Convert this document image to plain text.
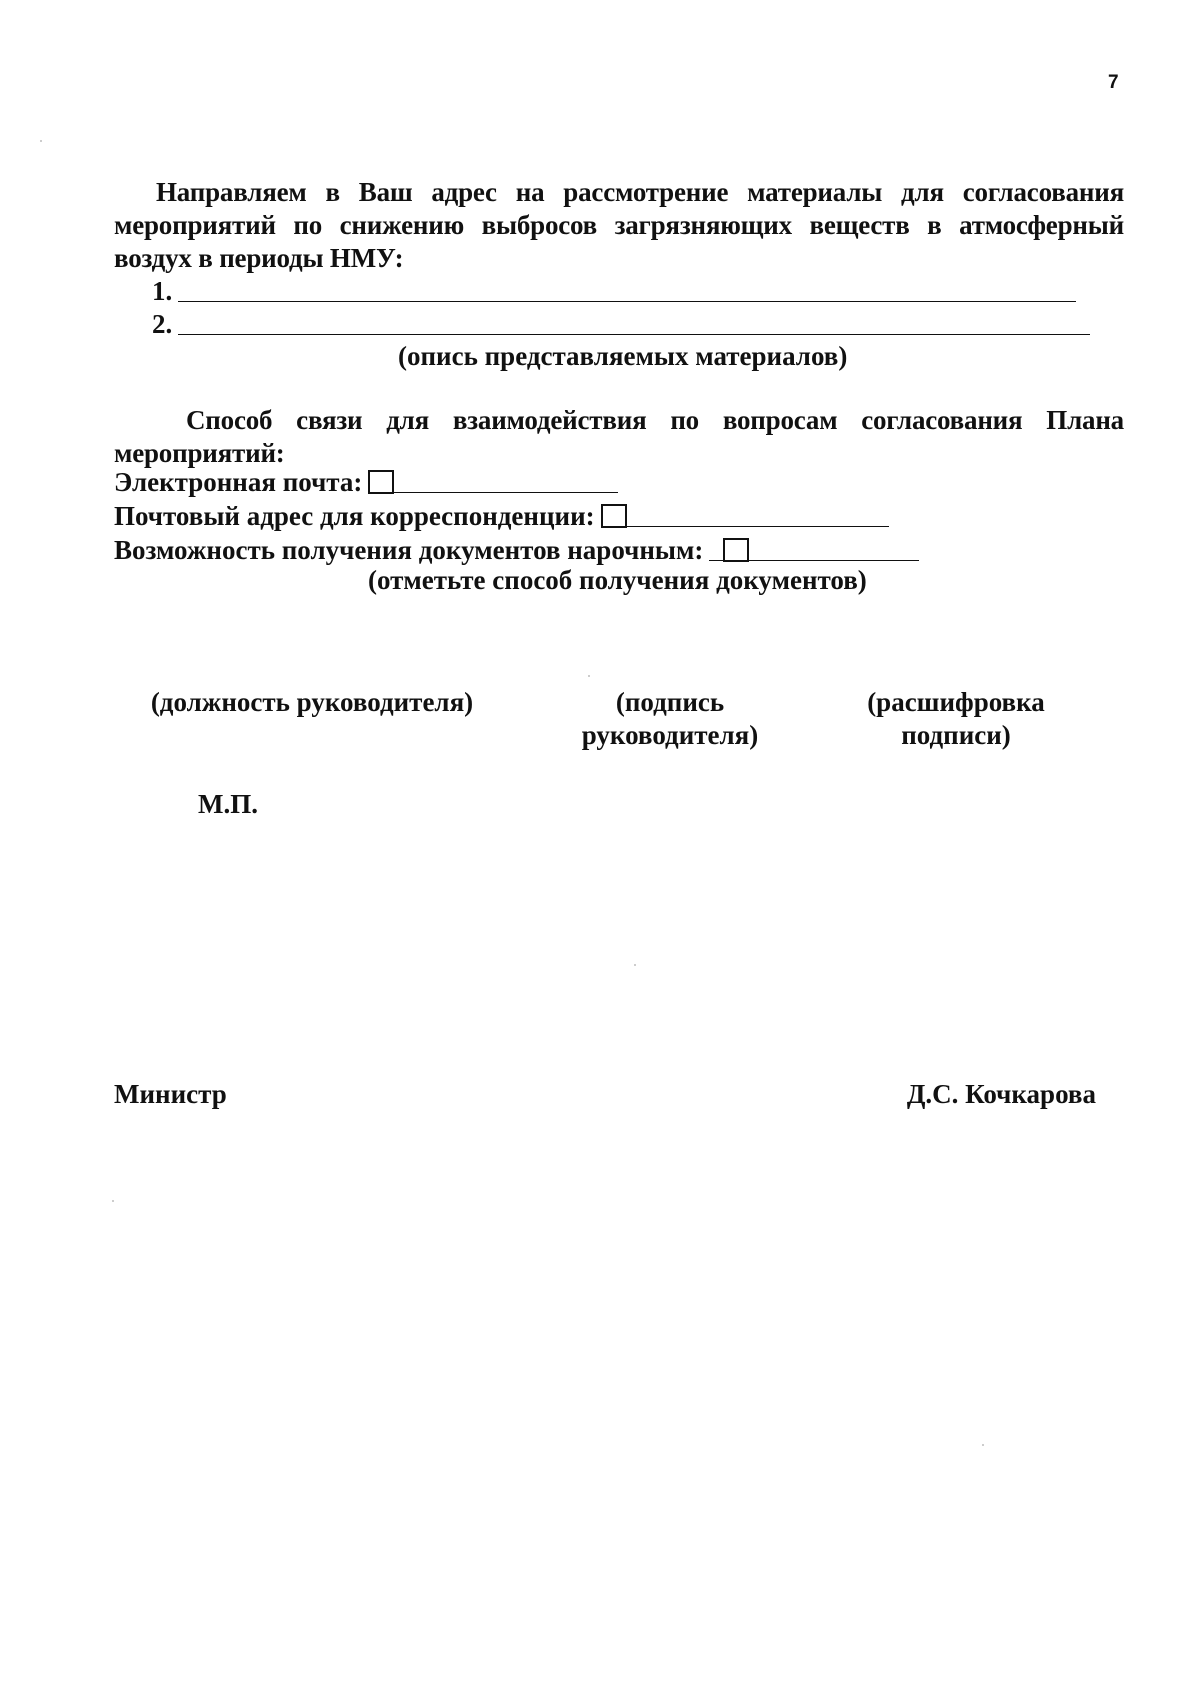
7
Направляем в Ваш адрес на рассмотрение материалы для согласования мероприятий по снижению выбросов загрязняющих веществ в атмосферный воздух в периоды НМУ:
1.
2.
(опись представляемых материалов)
Способ связи для взаимодействия по вопросам согласования Плана мероприятий:
Электронная почта:
Почтовый адрес для корреспонденции:
Возможность получения документов нарочным:
(отметьте способ получения документов)
(должность руководителя)	(подпись
руководителя)
(расшифровка
подписи)
М.П.
Министр	Д.С. Кочкарова
